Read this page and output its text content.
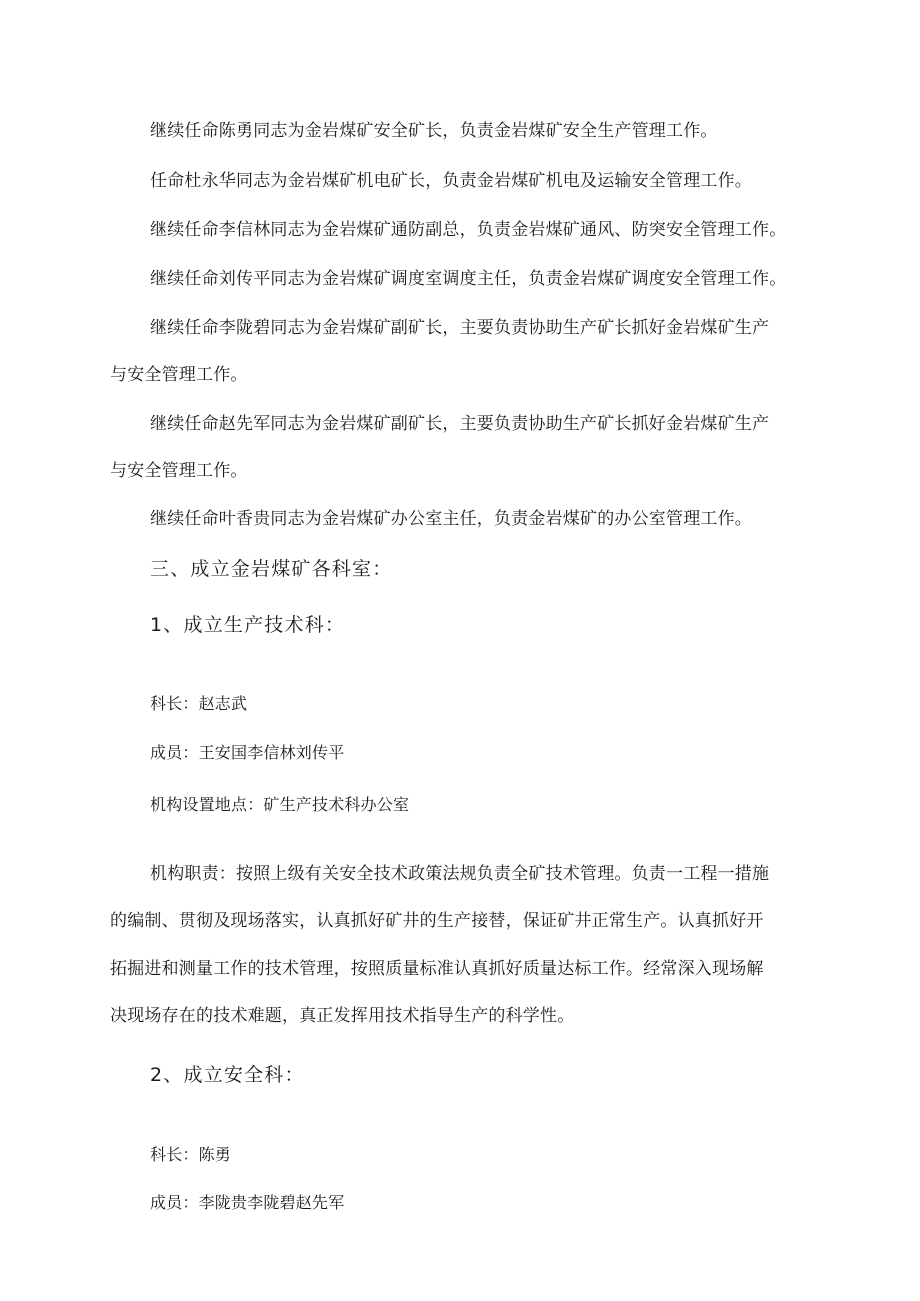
继续任命陈勇同志为金岩煤矿安全矿长，负责金岩煤矿安全生产管理工作。
任命杜永华同志为金岩煤矿机电矿长，负责金岩煤矿机电及运输安全管理工作。
继续任命李信林同志为金岩煤矿通防副总，负责金岩煤矿通风、防突安全管理工作。
继续任命刘传平同志为金岩煤矿调度室调度主任，负责金岩煤矿调度安全管理工作。
继续任命李陇碧同志为金岩煤矿副矿长，主要负责协助生产矿长抓好金岩煤矿生产
与安全管理工作。
继续任命赵先军同志为金岩煤矿副矿长，主要负责协助生产矿长抓好金岩煤矿生产
与安全管理工作。
继续任命叶香贵同志为金岩煤矿办公室主任，负责金岩煤矿的办公室管理工作。
三、成立金岩煤矿各科室：
1、成立生产技术科：
科长：赵志武
成员：王安国李信林刘传平
机构设置地点：矿生产技术科办公室
机构职责：按照上级有关安全技术政策法规负责全矿技术管理。负责一工程一措施
的编制、贯彻及现场落实，认真抓好矿井的生产接替，保证矿井正常生产。认真抓好开
拓掘进和测量工作的技术管理，按照质量标准认真抓好质量达标工作。经常深入现场解
决现场存在的技术难题，真正发挥用技术指导生产的科学性。
2、成立安全科：
科长：陈勇
成员：李陇贵李陇碧赵先军
